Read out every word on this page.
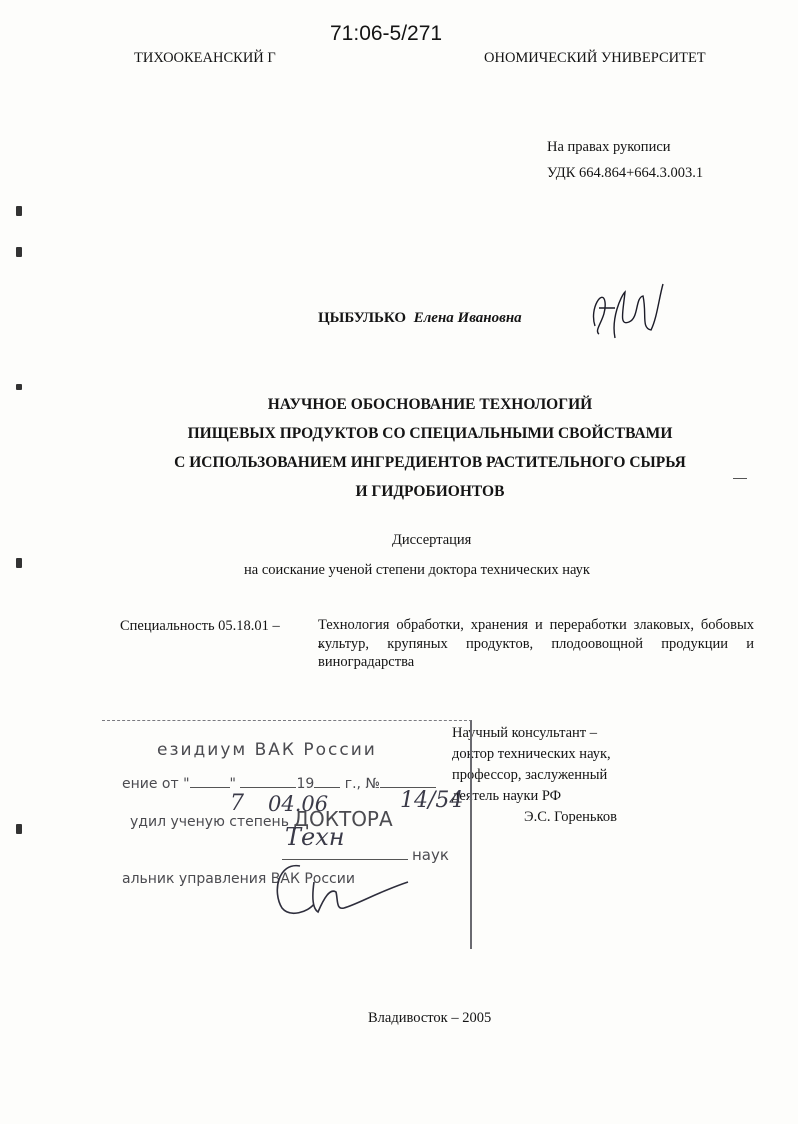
71:06-5/271
ТИХООКЕАНСКИЙ Г	ОНОМИЧЕСКИЙ УНИВЕРСИТЕТ
На правах рукописи
УДК 664.864+664.3.003.1
ЦЫБУЛЬКО Елена Ивановна
НАУЧНОЕ ОБОСНОВАНИЕ ТЕХНОЛОГИЙ
ПИЩЕВЫХ ПРОДУКТОВ СО СПЕЦИАЛЬНЫМИ СВОЙСТВАМИ
С ИСПОЛЬЗОВАНИЕМ ИНГРЕДИЕНТОВ РАСТИТЕЛЬНОГО СЫРЬЯ
И ГИДРОБИОНТОВ
Диссертация
на соискание ученой степени доктора технических наук
Специальность 05.18.01 –	Технология обработки, хранения и переработки злаковых, бобовых культур, крупяных продуктов, плодоовощной продукции и виноградарства
Научный консультант –
доктор технических наук,
профессор, заслуженный
деятель науки РФ
Э.С. Гореньков
езидиум ВАК России
ение от "	"	19 г., №
удил ученую степень ДОКТОРА
наук
альник управления ВАК России
7 04.06	14/54
Техн
Владивосток – 2005
